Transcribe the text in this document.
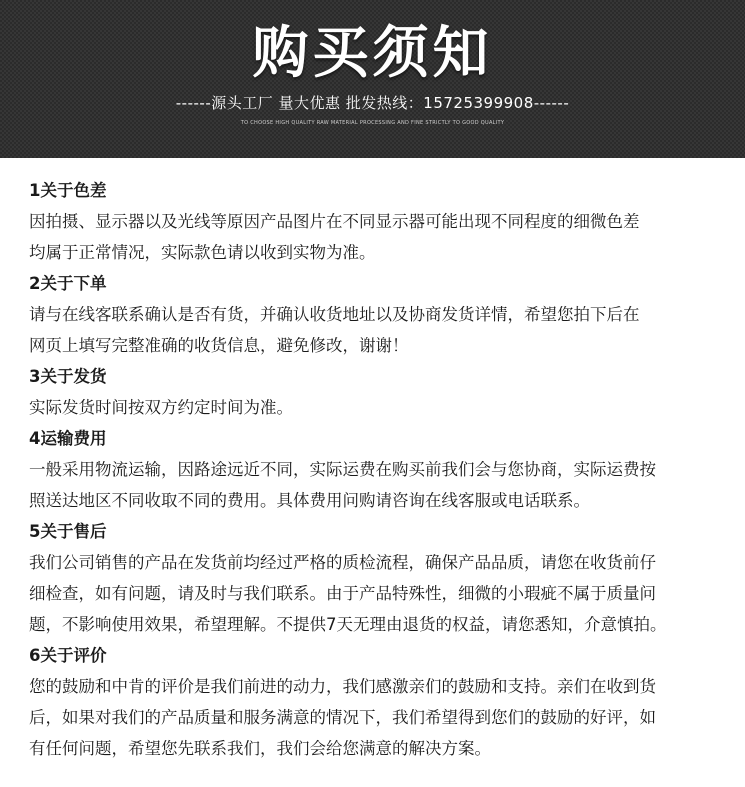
购买须知
------源头工厂 量大优惠 批发热线：15725399908------
TO CHOOSE HIGH QUALITY RAW MATERIAL PROCESSING AND FINE STRICTLY TO GOOD QUALITY
1关于色差
因拍摄、显示器以及光线等原因产品图片在不同显示器可能出现不同程度的细微色差
均属于正常情况，实际款色请以收到实物为准。
2关于下单
请与在线客联系确认是否有货，并确认收货地址以及协商发货详情，希望您拍下后在
网页上填写完整准确的收货信息，避免修改，谢谢！
3关于发货
实际发货时间按双方约定时间为准。
4运输费用
一般采用物流运输，因路途远近不同，实际运费在购买前我们会与您协商，实际运费按
照送达地区不同收取不同的费用。具体费用问购请咨询在线客服或电话联系。
5关于售后
我们公司销售的产品在发货前均经过严格的质检流程，确保产品品质，请您在收货前仔
细检查，如有问题，请及时与我们联系。由于产品特殊性，细微的小瑕疵不属于质量问
题，不影响使用效果，希望理解。不提供7天无理由退货的权益，请您悉知，介意慎拍。
6关于评价
您的鼓励和中肯的评价是我们前进的动力，我们感激亲们的鼓励和支持。亲们在收到货
后，如果对我们的产品质量和服务满意的情况下，我们希望得到您们的鼓励的好评，如
有任何问题，希望您先联系我们，我们会给您满意的解决方案。
